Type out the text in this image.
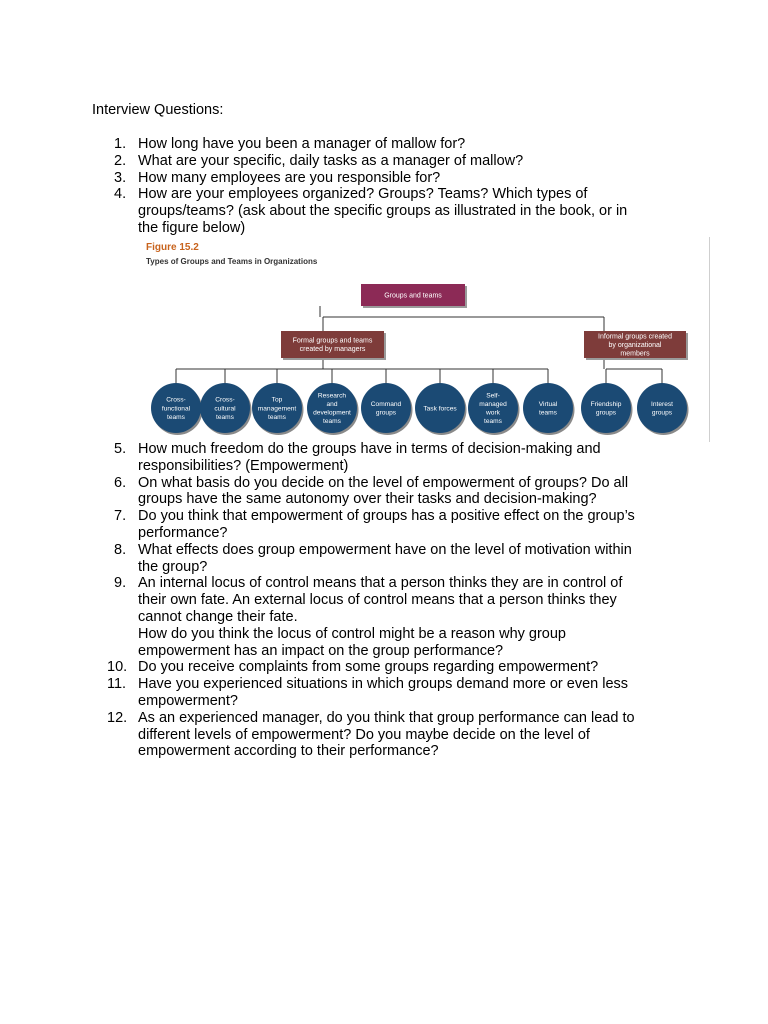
Interview Questions:
1. How long have you been a manager of mallow for?
2. What are your specific, daily tasks as a manager of mallow?
3. How many employees are you responsible for?
4. How are your employees organized? Groups? Teams? Which types of
groups/teams? (ask about the specific groups as illustrated in the book, or in
the figure below)
Figure 15.2
Types of Groups and Teams in Organizations
Groups and teams
Formal groups and teams
created by managers
Informal groups created
by organizational
members
Cross-
functional
teams
Cross-
cultural
teams
Top
management
teams
Research
and
development
teams
Command
groups
Task forces
Self-
managed
work
teams
Virtual
teams
Friendship
groups
Interest
groups
5. How much freedom do the groups have in terms of decision-making and
responsibilities? (Empowerment)
6. On what basis do you decide on the level of empowerment of groups? Do all
groups have the same autonomy over their tasks and decision-making?
7. Do you think that empowerment of groups has a positive effect on the group’s
performance?
8. What effects does group empowerment have on the level of motivation within
the group?
9. An internal locus of control means that a person thinks they are in control of
their own fate. An external locus of control means that a person thinks they
cannot change their fate.
How do you think the locus of control might be a reason why group
empowerment has an impact on the group performance?
10. Do you receive complaints from some groups regarding empowerment?
11. Have you experienced situations in which groups demand more or even less
empowerment?
12. As an experienced manager, do you think that group performance can lead to
different levels of empowerment? Do you maybe decide on the level of
empowerment according to their performance?
